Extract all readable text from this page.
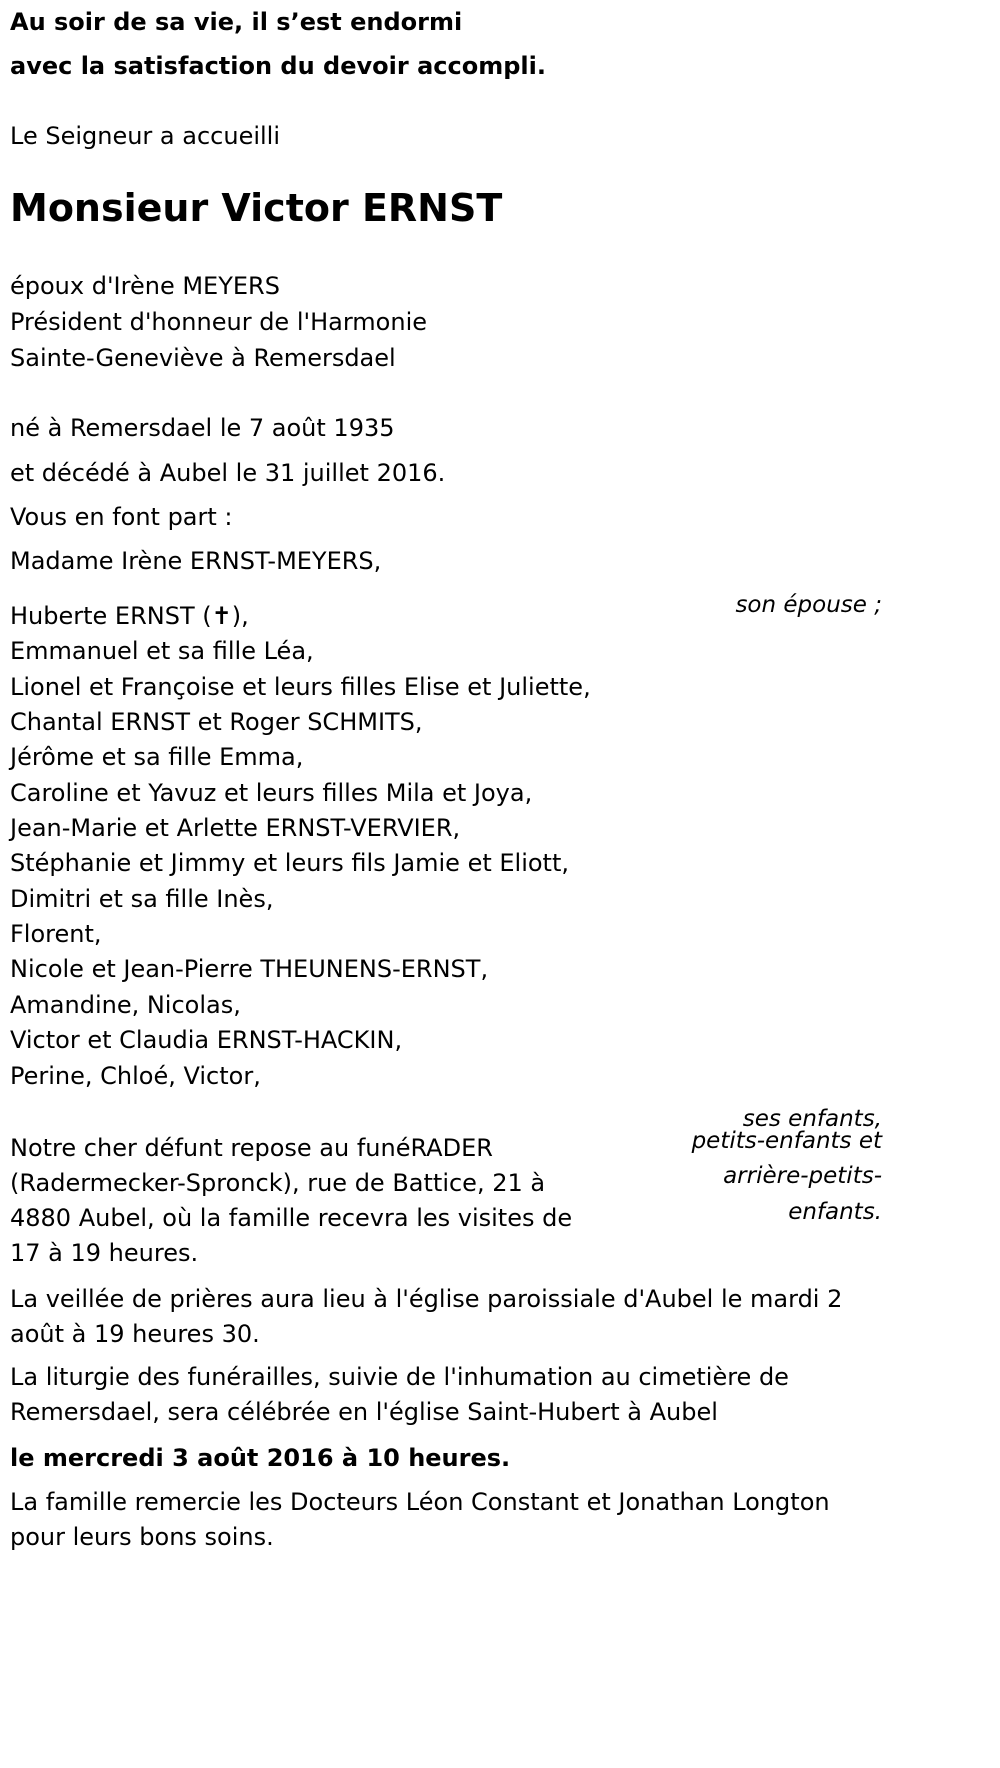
Au soir de sa vie, il s’est endormi

avec la satisfaction du devoir accompli.

Le Seigneur a accueilli

Monsieur Victor ERNST

époux d'Irène MEYERS

Président d'honneur de l'Harmonie

Sainte-Geneviève à Remersdael

né à Remersdael le 7 août 1935

et décédé à Aubel le 31 juillet 2016.

Vous en font part :

Madame Irène ERNST-MEYERS,

son épouse ;

Huberte ERNST (✝),

Emmanuel et sa fille Léa,

Lionel et Françoise et leurs filles Elise et Juliette,

Chantal ERNST et Roger SCHMITS,

Jérôme et sa fille Emma,

Caroline et Yavuz et leurs filles Mila et Joya,

Jean-Marie et Arlette ERNST-VERVIER,

Stéphanie et Jimmy et leurs fils Jamie et Eliott,

Dimitri et sa fille Inès,

Florent,

Nicole et Jean-Pierre THEUNENS-ERNST,

Amandine, Nicolas,

Victor et Claudia ERNST-HACKIN,

Perine, Chloé, Victor,

ses enfants,

petits-enfants et

arrière-petits-

enfants.

Notre cher défunt repose au funéRADER (Radermecker-Spronck), rue de Battice, 21 à 4880 Aubel, où la famille recevra les visites de 17 à 19 heures.

La veillée de prières aura lieu à l'église paroissiale d'Aubel le mardi 2 août à 19 heures 30.

La liturgie des funérailles, suivie de l'inhumation au cimetière de Remersdael, sera célébrée en l'église Saint-Hubert à Aubel

le mercredi 3 août 2016 à 10 heures.

La famille remercie les Docteurs Léon Constant et Jonathan Longton pour leurs bons soins.
